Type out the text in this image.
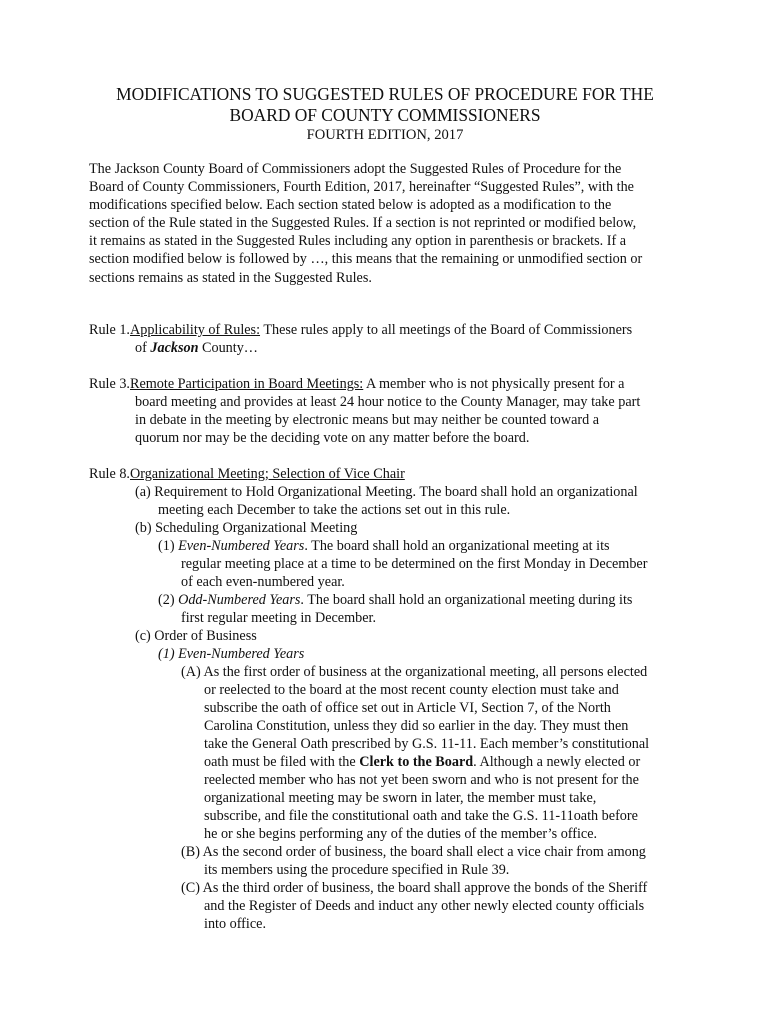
MODIFICATIONS TO SUGGESTED RULES OF PROCEDURE FOR THE
BOARD OF COUNTY COMMISSIONERS
FOURTH EDITION, 2017
The Jackson County Board of Commissioners adopt the Suggested Rules of Procedure for the
Board of County Commissioners, Fourth Edition, 2017, hereinafter “Suggested Rules”, with the
modifications specified below. Each section stated below is adopted as a modification to the
section of the Rule stated in the Suggested Rules. If a section is not reprinted or modified below,
it remains as stated in the Suggested Rules including any option in parenthesis or brackets. If a
section modified below is followed by …, this means that the remaining or unmodified section or
sections remains as stated in the Suggested Rules.
Rule 1.Applicability of Rules: These rules apply to all meetings of the Board of Commissioners
of Jackson County…
Rule 3.Remote Participation in Board Meetings: A member who is not physically present for a
board meeting and provides at least 24 hour notice to the County Manager, may take part
in debate in the meeting by electronic means but may neither be counted toward a
quorum nor may be the deciding vote on any matter before the board.
Rule 8.Organizational Meeting; Selection of Vice Chair
(a) Requirement to Hold Organizational Meeting. The board shall hold an organizational
meeting each December to take the actions set out in this rule.
(b) Scheduling Organizational Meeting
(1) Even-Numbered Years. The board shall hold an organizational meeting at its
regular meeting place at a time to be determined on the first Monday in December
of each even-numbered year.
(2) Odd-Numbered Years. The board shall hold an organizational meeting during its
first regular meeting in December.
(c) Order of Business
(1) Even-Numbered Years
(A) As the first order of business at the organizational meeting, all persons elected
or reelected to the board at the most recent county election must take and
subscribe the oath of office set out in Article VI, Section 7, of the North
Carolina Constitution, unless they did so earlier in the day. They must then
take the General Oath prescribed by G.S. 11-11. Each member’s constitutional
oath must be filed with the Clerk to the Board. Although a newly elected or
reelected member who has not yet been sworn and who is not present for the
organizational meeting may be sworn in later, the member must take,
subscribe, and file the constitutional oath and take the G.S. 11-11oath before
he or she begins performing any of the duties of the member’s office.
(B) As the second order of business, the board shall elect a vice chair from among
its members using the procedure specified in Rule 39.
(C) As the third order of business, the board shall approve the bonds of the Sheriff
and the Register of Deeds and induct any other newly elected county officials
into office.
